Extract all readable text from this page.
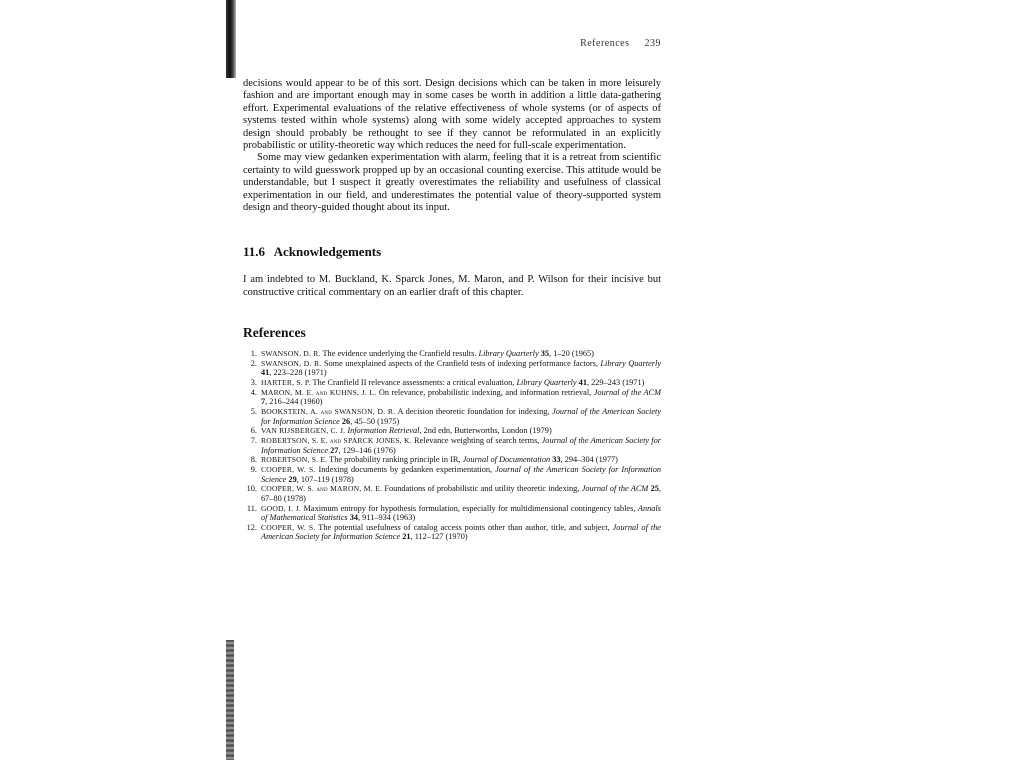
References 239

decisions would appear to be of this sort. Design decisions which can be taken in more leisurely fashion and are important enough may in some cases be worth in addition a little data-gathering effort. Experimental evaluations of the relative effectiveness of whole systems (or of aspects of systems tested within whole systems) along with some widely accepted approaches to system design should probably be rethought to see if they cannot be reformulated in an explicitly probabilistic or utility-theoretic way which reduces the need for full-scale experimentation.

Some may view gedanken experimentation with alarm, feeling that it is a retreat from scientific certainty to wild guesswork propped up by an occasional counting exercise. This attitude would be understandable, but I suspect it greatly overestimates the reliability and usefulness of classical experimentation in our field, and underestimates the potential value of theory-supported system design and theory-guided thought about its input.

11.6 Acknowledgements

I am indebted to M. Buckland, K. Sparck Jones, M. Maron, and P. Wilson for their incisive but constructive critical commentary on an earlier draft of this chapter.

References
1. SWANSON, D. R. The evidence underlying the Cranfield results. Library Quarterly 35, 1–20 (1965)
2. SWANSON, D. R. Some unexplained aspects of the Cranfield tests of indexing performance factors, Library Quarterly 41, 223–228 (1971)
3. HARTER, S. P. The Cranfield II relevance assessments: a critical evaluation, Library Quarterly 41, 229–243 (1971)
4. MARON, M. E. and KUHNS, J. L. On relevance, probabilistic indexing, and information retrieval, Journal of the ACM 7, 216–244 (1960)
5. BOOKSTEIN, A. and SWANSON, D. R. A decision theoretic foundation for indexing, Journal of the American Society for Information Science 26, 45–50 (1975)
6. VAN RIJSBERGEN, C. J. Information Retrieval, 2nd edn, Butterworths, London (1979)
7. ROBERTSON, S. E. and SPARCK JONES, K. Relevance weighting of search terms, Journal of the American Society for Information Science 27, 129–146 (1976)
8. ROBERTSON, S. E. The probability ranking principle in IR, Journal of Documentation 33, 294–304 (1977)
9. COOPER, W. S. Indexing documents by gedanken experimentation, Journal of the American Society for Information Science 29, 107–119 (1978)
10. COOPER, W. S. and MARON, M. E. Foundations of probabilistic and utility theoretic indexing, Journal of the ACM 25, 67–80 (1978)
11. GOOD, I. J. Maximum entropy for hypothesis formulation, especially for multidimensional contingency tables, Annals of Mathematical Statistics 34, 911–934 (1963)
12. COOPER, W. S. The potential usefulness of catalog access points other than author, title, and subject, Journal of the American Society for Information Science 21, 112–127 (1970)
